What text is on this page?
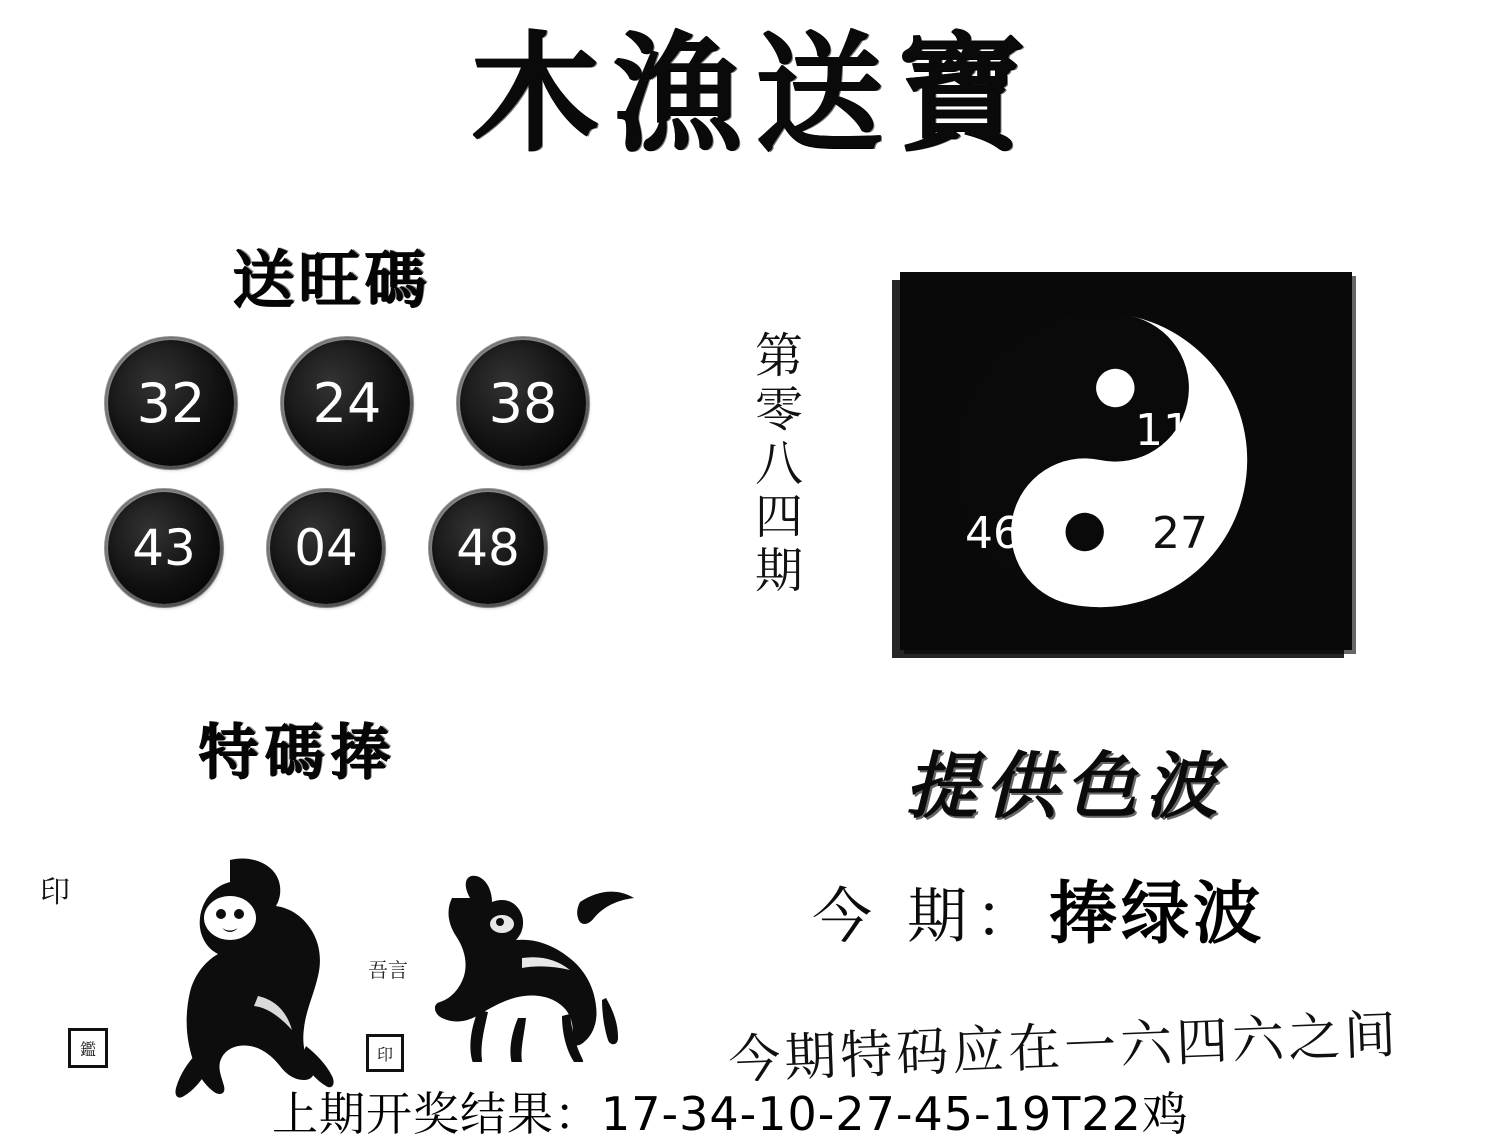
木漁送寶
送旺碼
32	24	38
43	04	48
特碼捧
第零八四期
11
46	27
提供色波
今 期： 捧绿波
今期特码应在一六四六之间
上期开奖结果：17-34-10-27-45-19T22鸡
印
鑑	印
吾言
